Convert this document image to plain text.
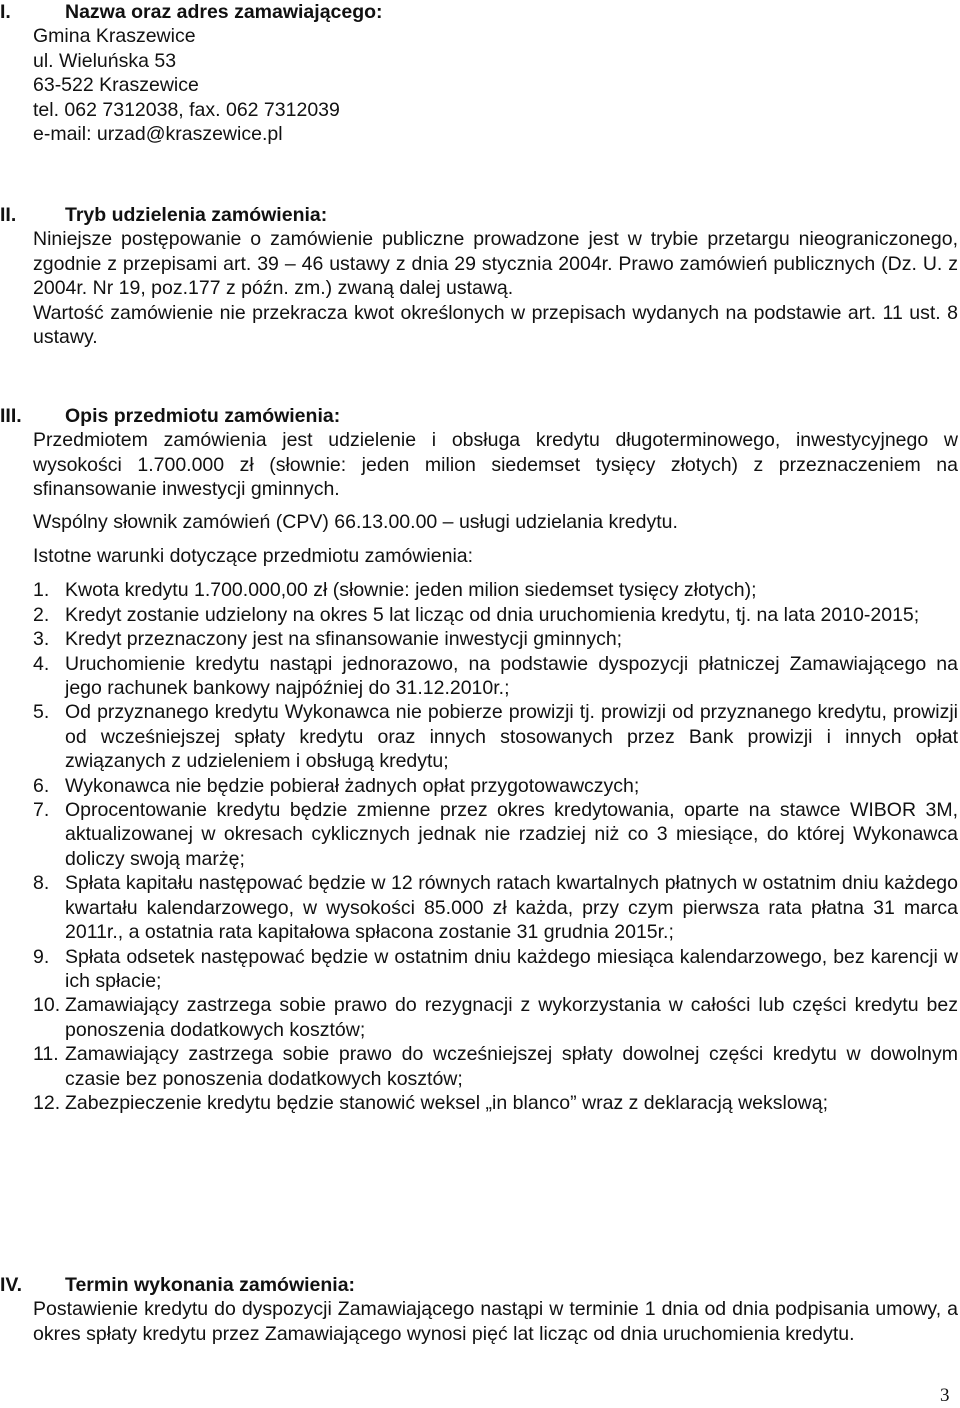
I.	Nazwa oraz adres zamawiającego:
Gmina Kraszewice
ul. Wieluńska 53
63-522 Kraszewice
tel. 062 7312038, fax. 062 7312039
e-mail: urzad@kraszewice.pl
II. Tryb udzielenia zamówienia:
Niniejsze postępowanie o zamówienie publiczne prowadzone jest w trybie przetargu nieograniczonego, zgodnie z przepisami art. 39 – 46 ustawy z dnia 29 stycznia 2004r. Prawo zamówień publicznych (Dz. U. z 2004r. Nr 19, poz.177 z późn. zm.) zwaną dalej ustawą.
Wartość zamówienie nie przekracza kwot określonych w przepisach wydanych na podstawie art. 11 ust. 8 ustawy.
III. Opis przedmiotu zamówienia:
Przedmiotem zamówienia jest udzielenie i obsługa kredytu długoterminowego, inwestycyjnego w wysokości 1.700.000 zł (słownie: jeden milion siedemset tysięcy złotych) z przeznaczeniem na sfinansowanie inwestycji gminnych.
Wspólny słownik zamówień (CPV) 66.13.00.00 – usługi udzielania kredytu.
Istotne warunki dotyczące przedmiotu zamówienia:
1. Kwota kredytu 1.700.000,00 zł (słownie: jeden milion siedemset tysięcy złotych);
2. Kredyt zostanie udzielony na okres 5 lat licząc od dnia uruchomienia kredytu, tj. na lata 2010-2015;
3. Kredyt przeznaczony jest na sfinansowanie inwestycji gminnych;
4. Uruchomienie kredytu nastąpi jednorazowo, na podstawie dyspozycji płatniczej Zamawiającego na jego rachunek bankowy najpóźniej do 31.12.2010r.;
5. Od przyznanego kredytu Wykonawca nie pobierze prowizji tj. prowizji od przyznanego kredytu, prowizji od wcześniejszej spłaty kredytu oraz innych stosowanych przez Bank prowizji i innych opłat związanych z udzieleniem i obsługą kredytu;
6. Wykonawca nie będzie pobierał żadnych opłat przygotowawczych;
7. Oprocentowanie kredytu będzie zmienne przez okres kredytowania, oparte na stawce WIBOR 3M, aktualizowanej w okresach cyklicznych jednak nie rzadziej niż co 3 miesiące, do której Wykonawca doliczy swoją marżę;
8. Spłata kapitału następować będzie w 12 równych ratach kwartalnych płatnych w ostatnim dniu każdego kwartału kalendarzowego, w wysokości 85.000 zł każda, przy czym pierwsza rata płatna 31 marca 2011r., a ostatnia rata kapitałowa spłacona zostanie 31 grudnia 2015r.;
9. Spłata odsetek następować będzie w ostatnim dniu każdego miesiąca kalendarzowego, bez karencji w ich spłacie;
10. Zamawiający zastrzega sobie prawo do rezygnacji z wykorzystania w całości lub części kredytu bez ponoszenia dodatkowych kosztów;
11. Zamawiający zastrzega sobie prawo do wcześniejszej spłaty dowolnej części kredytu w dowolnym czasie bez ponoszenia dodatkowych kosztów;
12. Zabezpieczenie kredytu będzie stanowić weksel „in blanco” wraz z deklaracją wekslową;
IV. Termin wykonania zamówienia:
Postawienie kredytu do dyspozycji Zamawiającego nastąpi w terminie 1 dnia od dnia podpisania umowy, a okres spłaty kredytu przez Zamawiającego wynosi pięć lat licząc od dnia uruchomienia kredytu.
3
